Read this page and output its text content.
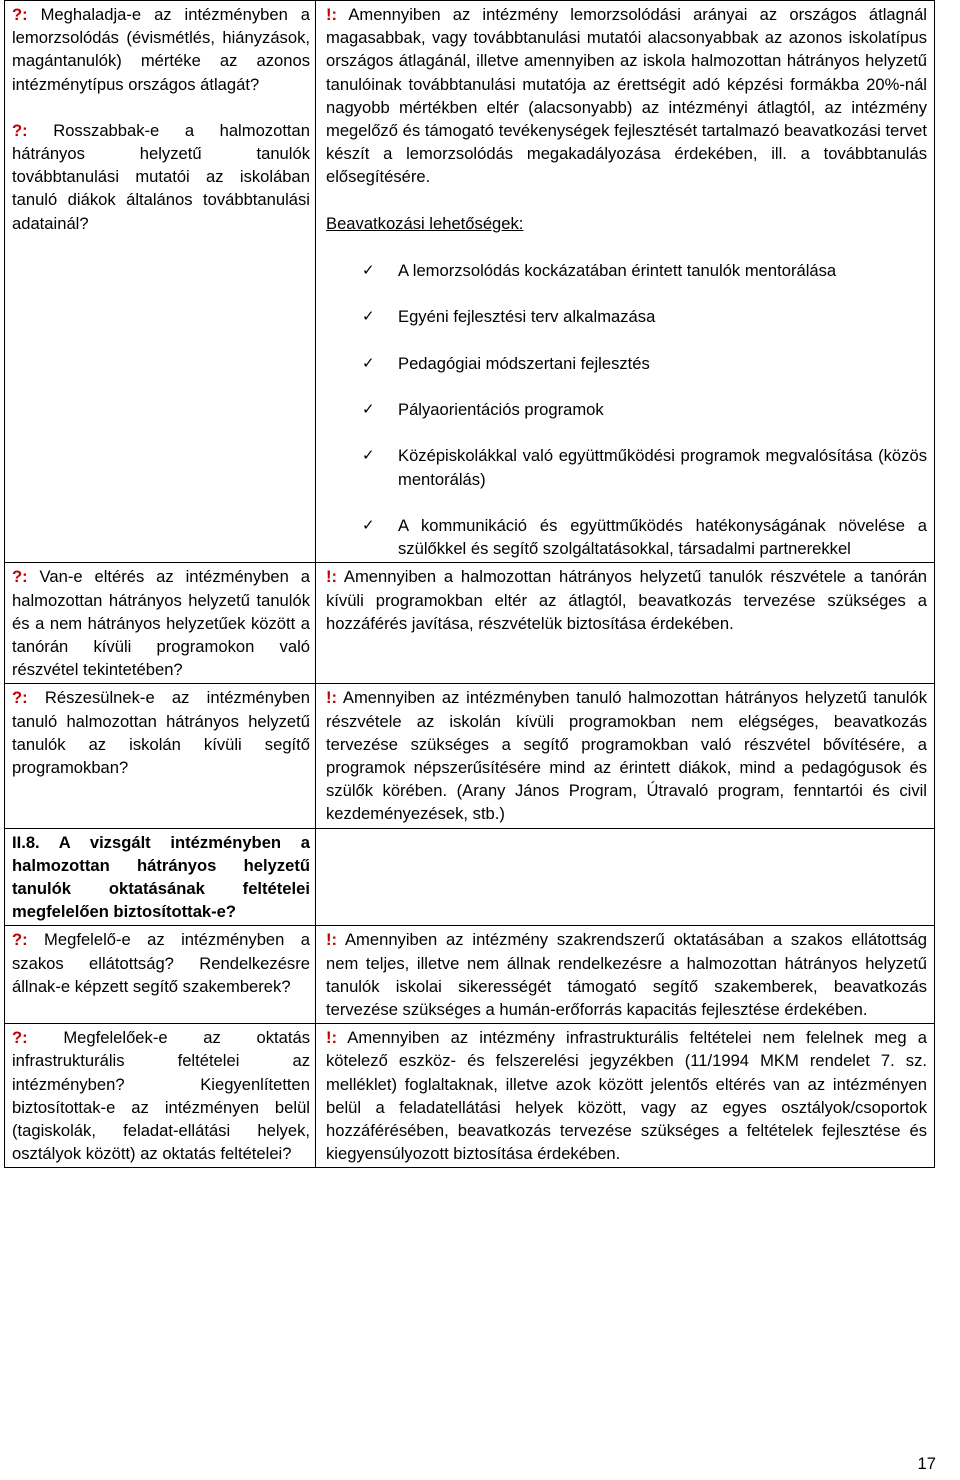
?: Meghaladja-e az intézményben a lemorzsolódás (évismétlés, hiányzások, magántanulók) mértéke az azonos intézménytípus országos átlagát?

?: Rosszabbak-e a halmozottan hátrányos helyzetű tanulók továbbtanulási mutatói az iskolában tanuló diákok általános továbbtanulási adatainál?

!: Amennyiben az intézmény lemorzsolódási arányai az országos átlagnál magasabbak, vagy továbbtanulási mutatói alacsonyabbak az azonos iskolatípus országos átlagánál, illetve amennyiben az iskola halmozottan hátrányos helyzetű tanulóinak továbbtanulási mutatója az érettségit adó képzési formákba 20%-nál nagyobb mértékben eltér (alacsonyabb) az intézményi átlagtól, az intézmény megelőző és támogató tevékenységek fejlesztését tartalmazó beavatkozási tervet készít a lemorzsolódás megakadályozása érdekében, ill. a továbbtanulás elősegítésére.

Beavatkozási lehetőségek:

✓ A lemorzsolódás kockázatában érintett tanulók mentorálása
✓ Egyéni fejlesztési terv alkalmazása
✓ Pedagógiai módszertani fejlesztés
✓ Pályaorientációs programok
✓ Középiskolákkal való együttműködési programok megvalósítása (közös mentorálás)
✓ A kommunikáció és együttműködés hatékonyságának növelése a szülőkkel és segítő szolgáltatásokkal, társadalmi partnerekkel

?: Van-e eltérés az intézményben a halmozottan hátrányos helyzetű tanulók és a nem hátrányos helyzetűek között a tanórán kívüli programokon való részvétel tekintetében?

!: Amennyiben a halmozottan hátrányos helyzetű tanulók részvétele a tanórán kívüli programokban eltér az átlagtól, beavatkozás tervezése szükséges a hozzáférés javítása, részvételük biztosítása érdekében.

?: Részesülnek-e az intézményben tanuló halmozottan hátrányos helyzetű tanulók az iskolán kívüli segítő programokban?

!: Amennyiben az intézményben tanuló halmozottan hátrányos helyzetű tanulók részvétele az iskolán kívüli programokban nem elégséges, beavatkozás tervezése szükséges a segítő programokban való részvétel bővítésére, a programok népszerűsítésére mind az érintett diákok, mind a pedagógusok és szülők körében. (Arany János Program, Útravaló program, fenntartói és civil kezdeményezések, stb.)

II.8. A vizsgált intézményben a halmozottan hátrányos helyzetű tanulók oktatásának feltételei megfelelően biztosítottak-e?

?: Megfelelő-e az intézményben a szakos ellátottság? Rendelkezésre állnak-e képzett segítő szakemberek?

!: Amennyiben az intézmény szakrendszerű oktatásában a szakos ellátottság nem teljes, illetve nem állnak rendelkezésre a halmozottan hátrányos helyzetű tanulók iskolai sikerességét támogató segítő szakemberek, beavatkozás tervezése szükséges a humán-erőforrás kapacitás fejlesztése érdekében.

?: Megfelelőek-e az oktatás infrastrukturális feltételei az intézményben? Kiegyenlítetten biztosítottak-e az intézményen belül (tagiskolák, feladat-ellátási helyek, osztályok között) az oktatás feltételei?

!: Amennyiben az intézmény infrastrukturális feltételei nem felelnek meg a kötelező eszköz- és felszerelési jegyzékben (11/1994 MKM rendelet 7. sz. melléklet) foglaltaknak, illetve azok között jelentős eltérés van az intézményen belül a feladatellátási helyek között, vagy az egyes osztályok/csoportok hozzáférésében, beavatkozás tervezése szükséges a feltételek fejlesztése és kiegyensúlyozott biztosítása érdekében.

17
